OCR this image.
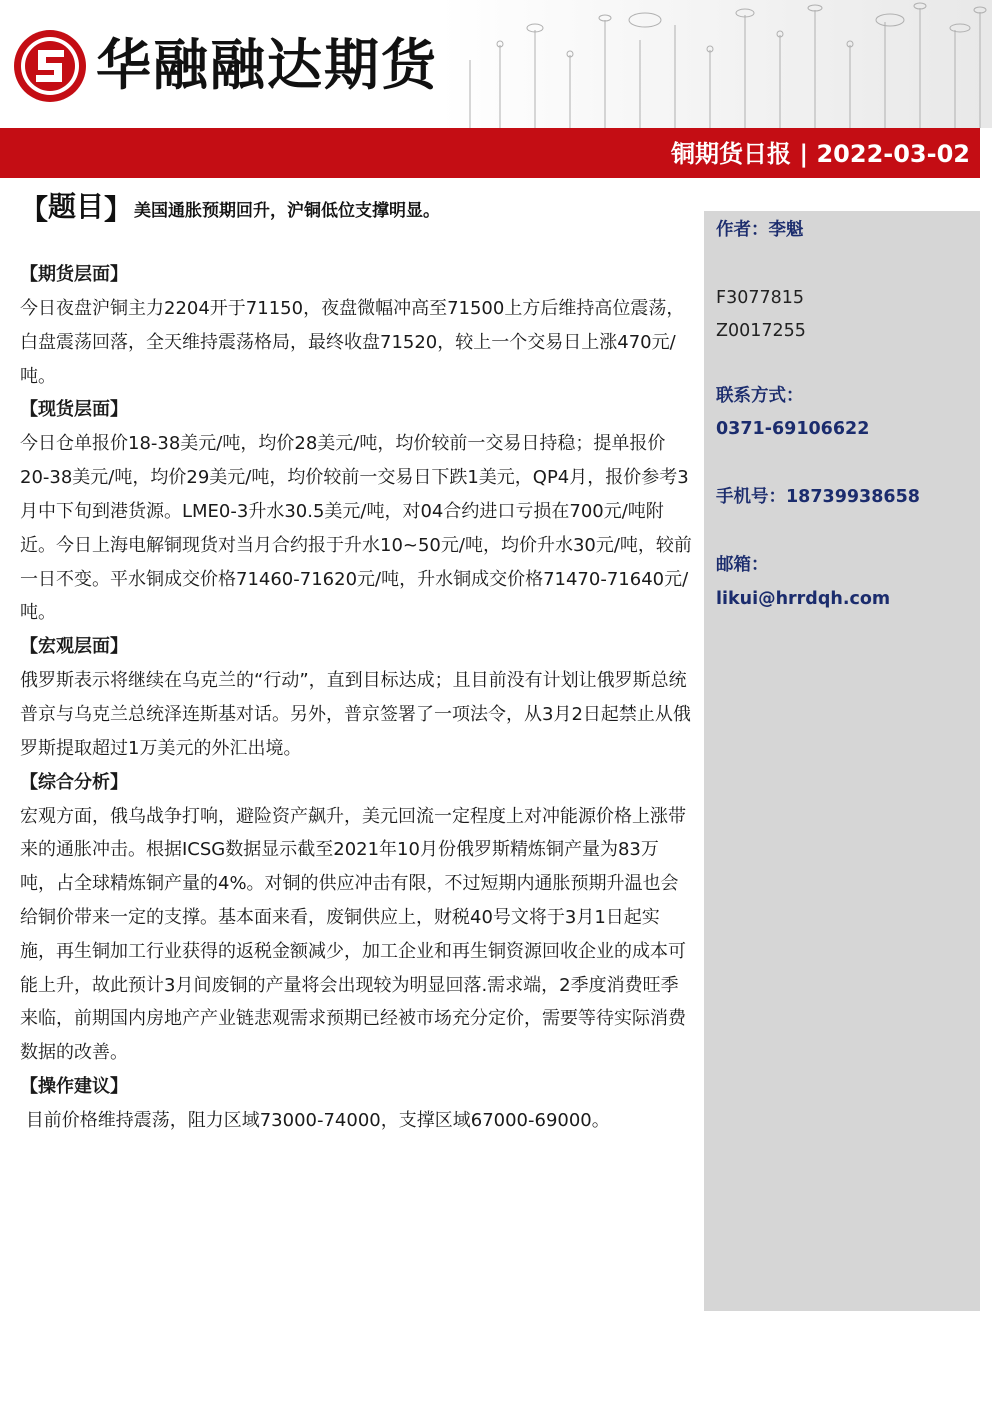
华融融达期货
铜期货日报 | 2022-03-02
作者：李魁
F3077815
Z0017255
联系方式：
0371-69106622
手机号：18739938658
邮箱：
likui@hrrdqh.com
【题目】 美国通胀预期回升，沪铜低位支撑明显。
【期货层面】

今日夜盘沪铜主力2204开于71150，夜盘微幅冲高至71500上方后维持高位震荡，白盘震荡回落，全天维持震荡格局，最终收盘71520，较上一个交易日上涨470元/吨。

【现货层面】

今日仓单报价18-38美元/吨，均价28美元/吨，均价较前一交易日持稳；提单报价20-38美元/吨，均价29美元/吨，均价较前一交易日下跌1美元，QP4月，报价参考3月中下旬到港货源。LME0-3升水30.5美元/吨，对04合约进口亏损在700元/吨附近。今日上海电解铜现货对当月合约报于升水10~50元/吨，均价升水30元/吨，较前一日不变。平水铜成交价格71460-71620元/吨，升水铜成交价格71470-71640元/吨。

【宏观层面】

俄罗斯表示将继续在乌克兰的“行动”，直到目标达成；且目前没有计划让俄罗斯总统普京与乌克兰总统泽连斯基对话。另外，普京签署了一项法令，从3月2日起禁止从俄罗斯提取超过1万美元的外汇出境。

【综合分析】

宏观方面，俄乌战争打响，避险资产飙升，美元回流一定程度上对冲能源价格上涨带来的通胀冲击。根据ICSG数据显示截至2021年10月份俄罗斯精炼铜产量为83万吨，占全球精炼铜产量的4%。对铜的供应冲击有限，不过短期内通胀预期升温也会给铜价带来一定的支撑。基本面来看，废铜供应上，财税40号文将于3月1日起实施，再生铜加工行业获得的返税金额减少，加工企业和再生铜资源回收企业的成本可能上升，故此预计3月间废铜的产量将会出现较为明显回落.需求端，2季度消费旺季来临，前期国内房地产产业链悲观需求预期已经被市场充分定价，需要等待实际消费数据的改善。

【操作建议】

目前价格维持震荡，阻力区域73000-74000，支撑区域67000-69000。
